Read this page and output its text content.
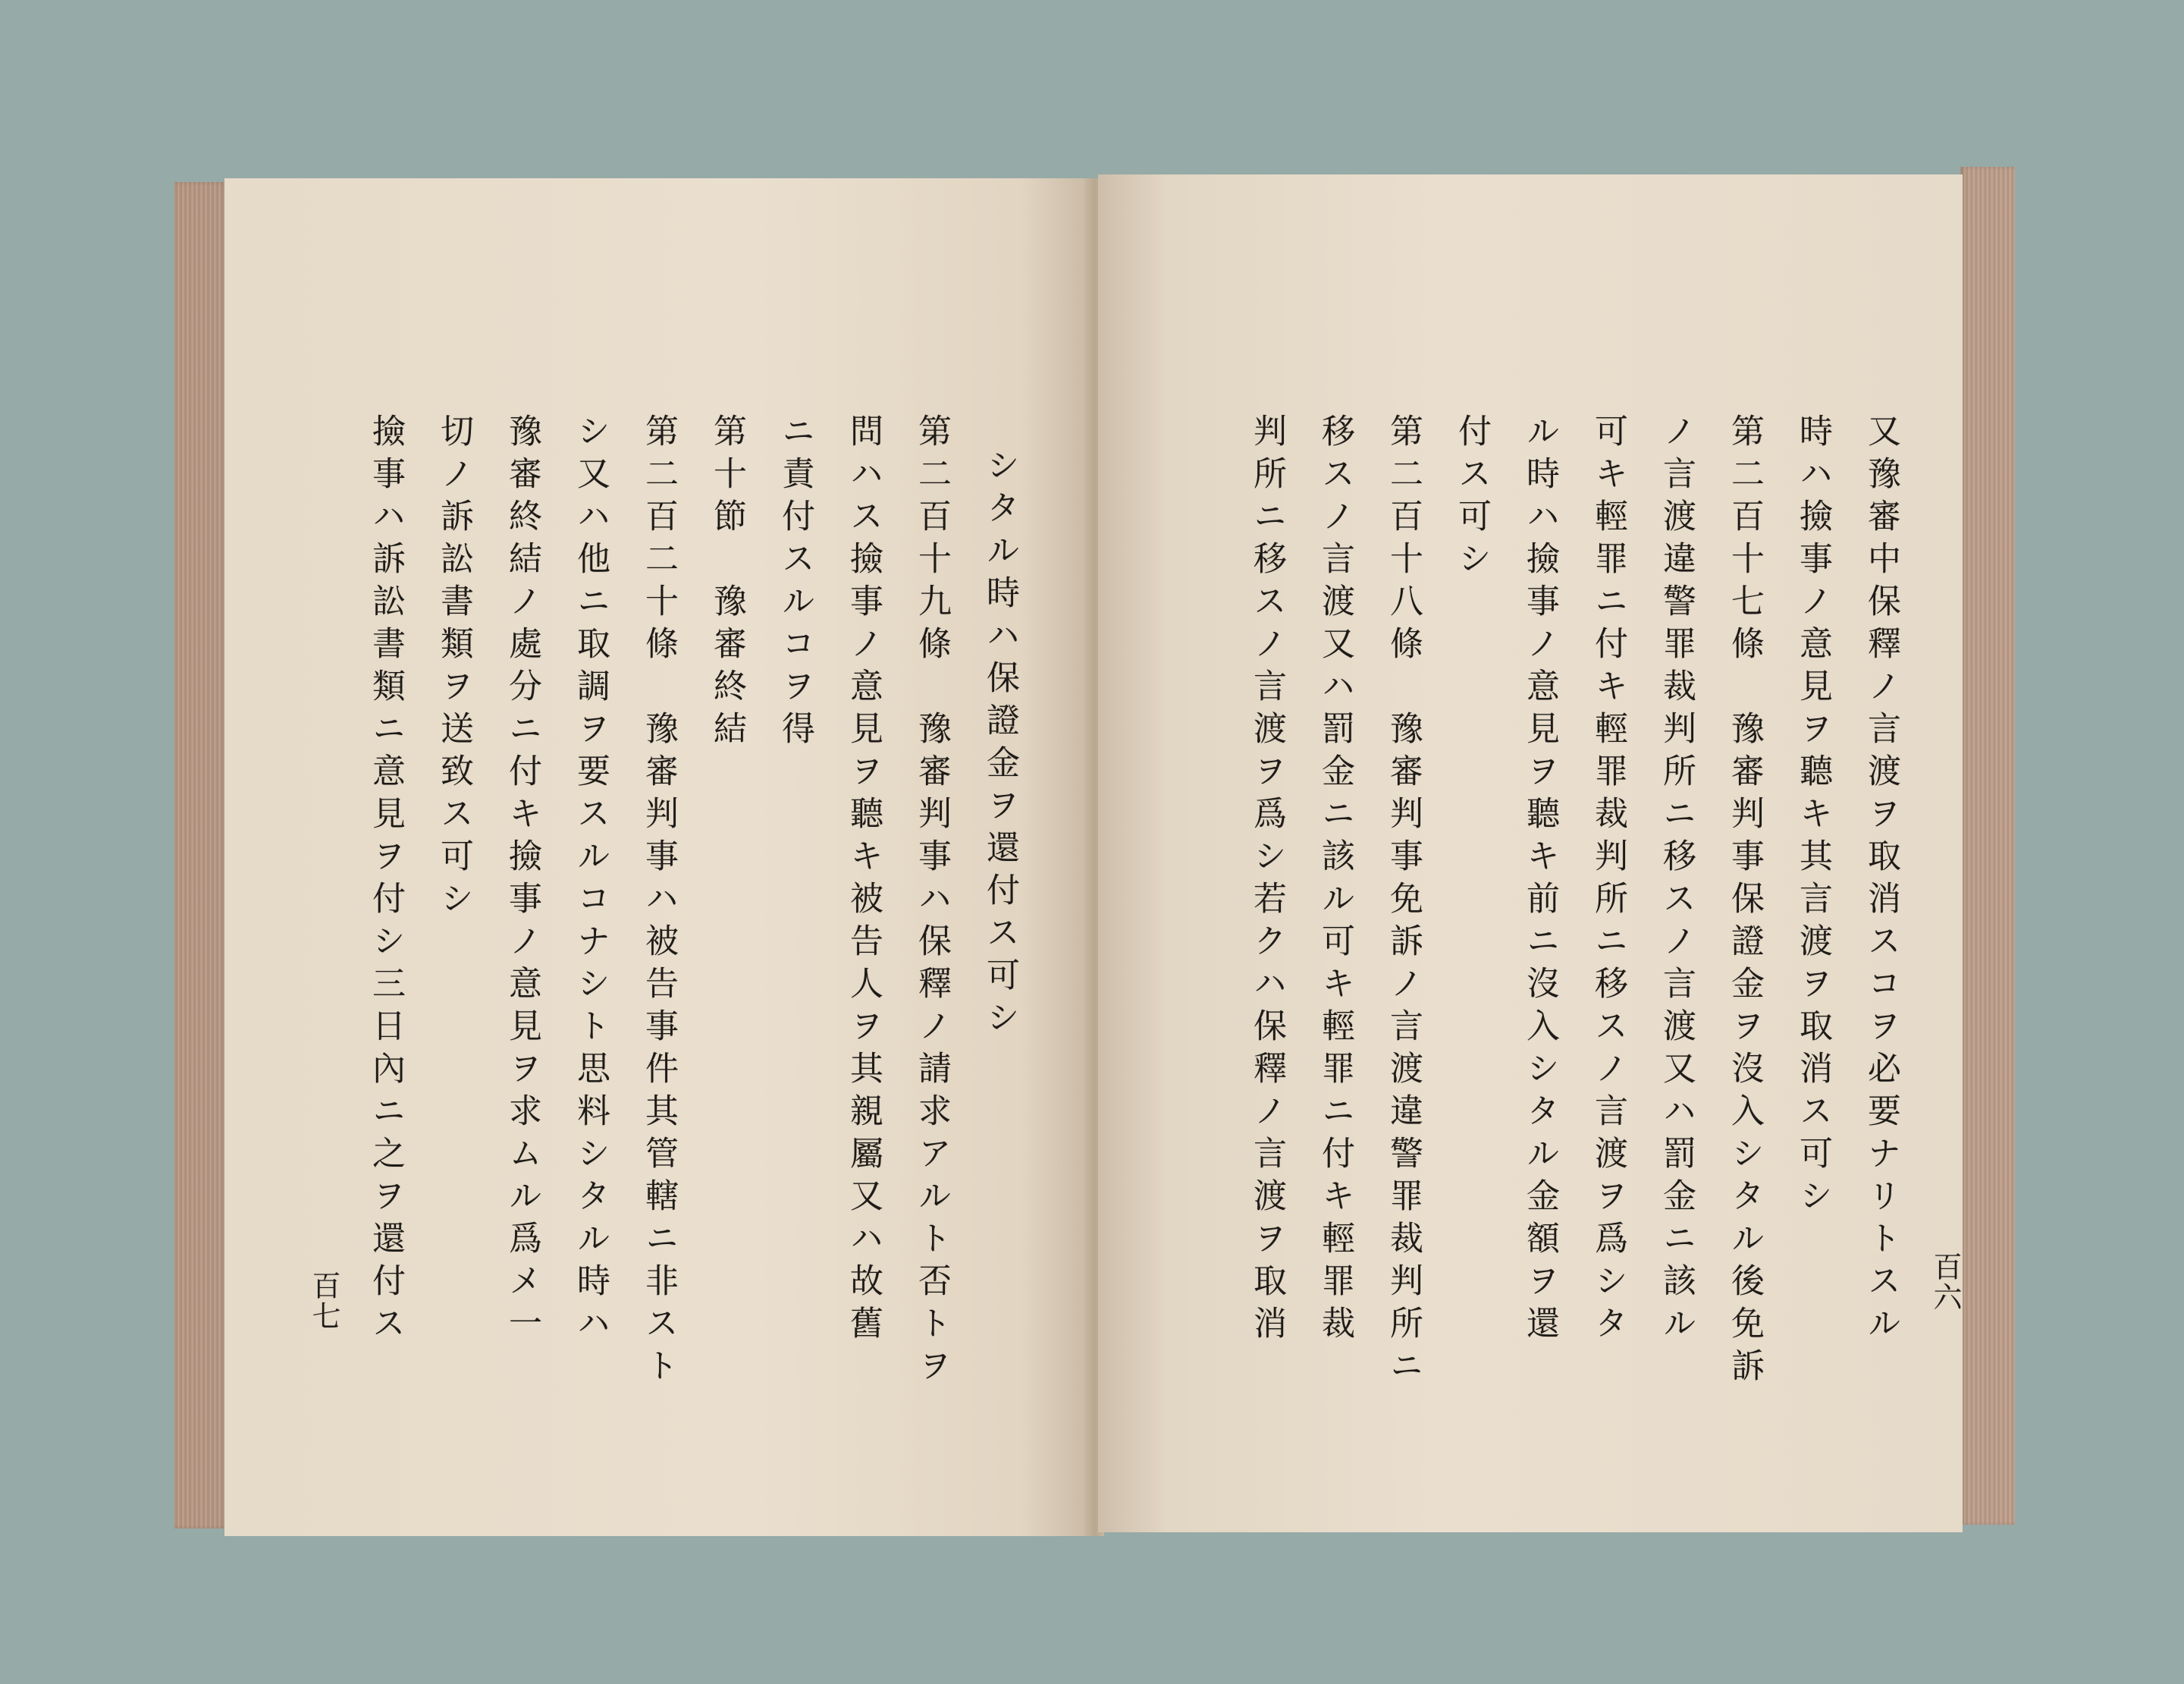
シタル時ハ保證金ヲ還付ス可シ
第二百十九條　豫審判事ハ保釋ノ請求アルト否トヲ
問ハス撿事ノ意見ヲ聽キ被告人ヲ其親屬又ハ故舊
ニ責付スルコヲ得
第十節　豫審終結
第二百二十條　豫審判事ハ被告事件其管轄ニ非スト
シ又ハ他ニ取調ヲ要スルコナシト思料シタル時ハ
豫審終結ノ處分ニ付キ撿事ノ意見ヲ求ムル爲メ一
切ノ訴訟書類ヲ送致ス可シ
撿事ハ訴訟書類ニ意見ヲ付シ三日內ニ之ヲ還付ス
百七	又豫審中保釋ノ言渡ヲ取消スコヲ必要ナリトスル
時ハ撿事ノ意見ヲ聽キ其言渡ヲ取消ス可シ
第二百十七條　豫審判事保證金ヲ沒入シタル後免訴
ノ言渡違警罪裁判所ニ移スノ言渡又ハ罰金ニ該ル
可キ輕罪ニ付キ輕罪裁判所ニ移スノ言渡ヲ爲シタ
ル時ハ撿事ノ意見ヲ聽キ前ニ沒入シタル金額ヲ還
付ス可シ
第二百十八條　豫審判事免訴ノ言渡違警罪裁判所ニ
移スノ言渡又ハ罰金ニ該ル可キ輕罪ニ付キ輕罪裁
判所ニ移スノ言渡ヲ爲シ若クハ保釋ノ言渡ヲ取消	百六
